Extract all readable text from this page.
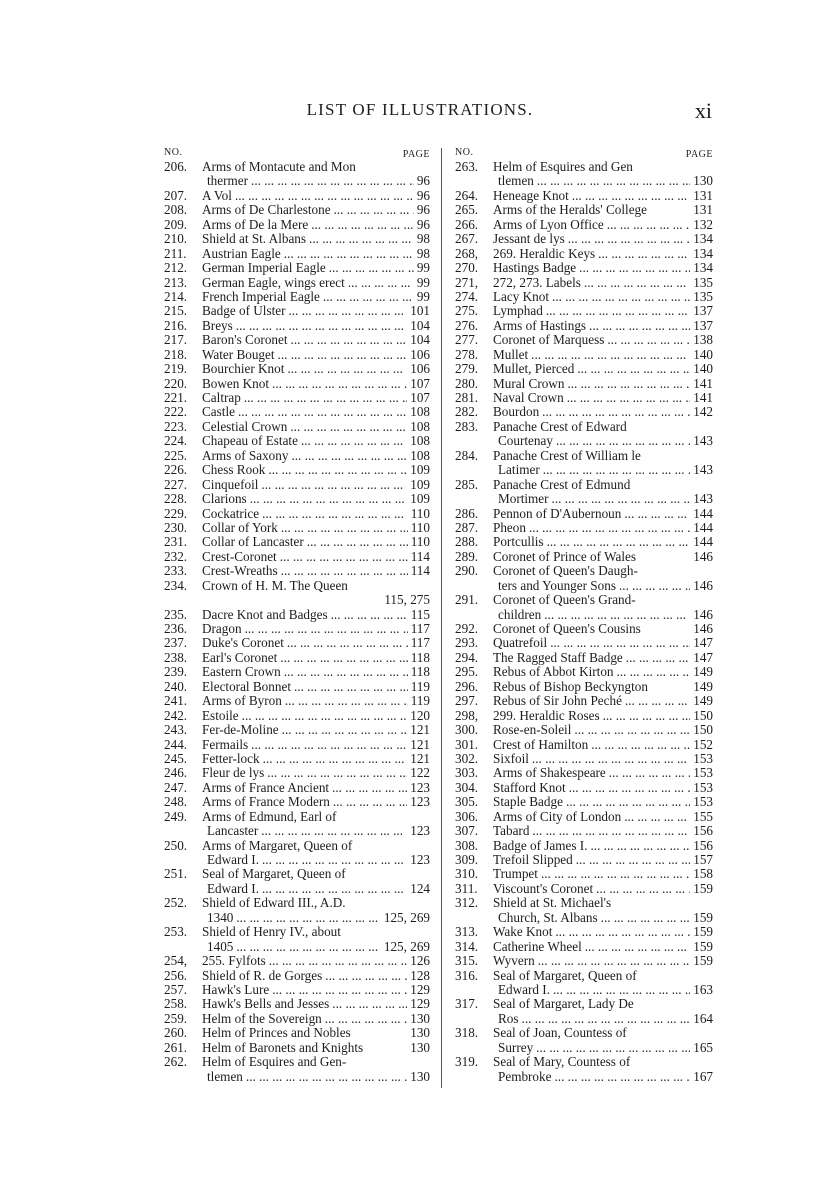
LIST OF ILLUSTRATIONS.	xi
NO.	PAGE
206. Arms of Montacute and Mon
thermer ... .	96
207. A Vol ... .	96
208. Arms of De Charlestone ... .	96
209. Arms of De la Mere ... .	96
210. Shield at St. Albans ... .	98
211. Austrian Eagle ... .	98
212. German Imperial Eagle ... .	99
213. German Eagle, wings erect ... .	99
214. French Imperial Eagle ... .	99
215. Badge of Ulster ... .	101
216. Breys ... .	104
217. Baron's Coronet ... .	104
218. Water Bouget ... .	106
219. Bourchier Knot ... .	106
220. Bowen Knot ... .	107
221. Caltrap ... .	107
222. Castle ... .	108
223. Celestial Crown ... .	108
224. Chapeau of Estate ... .	108
225. Arms of Saxony ... .	108
226. Chess Rook ... .	109
227. Cinquefoil ... .	109
228. Clarions ... .	109
229. Cockatrice ... .	110
230. Collar of York ... .	110
231. Collar of Lancaster ... .	110
232. Crest-Coronet ... .	114
233. Crest-Wreaths ... .	114
234. Crown of H. M. The Queen
115, 275
235. Dacre Knot and Badges ... .	115
236. Dragon ... .	117
237. Duke's Coronet ... .	117
238. Earl's Coronet ... .	118
239. Eastern Crown ... .	118
240. Electoral Bonnet ... .	119
241. Arms of Byron ... .	119
242. Estoile ... .	120
243. Fer-de-Moline ... .	121
244. Fermails ... .	121
245. Fetter-lock ... .	121
246. Fleur de lys ... .	122
247. Arms of France Ancient ... .	123
248. Arms of France Modern ... .	123
249. Arms of Edmund, Earl of
Lancaster ... .	123
250. Arms of Margaret, Queen of
Edward I. ... .	123
251. Seal of Margaret, Queen of
Edward I. ... .	124
252. Shield of Edward III., A.D.
1340 ... .	125, 269
253. Shield of Henry IV., about
1405 ... .	125, 269
254, 255. Fylfots ... .	126
256. Shield of R. de Gorges ... .	128
257. Hawk's Lure ... .	129
258. Hawk's Bells and Jesses ... .	129
259. Helm of the Sovereign ... .	130
260. Helm of Princes and Nobles	130
261. Helm of Baronets and Knights	130
262. Helm of Esquires and Gen-
tlemen ... .	130
NO.	PAGE
263. Helm of Esquires and Gen
tlemen ... .	130
264. Heneage Knot ... .	131
265. Arms of the Heralds' College	131
266. Arms of Lyon Office ... .	132
267. Jessant de lys ... .	134
268, 269. Heraldic Keys ... .	134
270. Hastings Badge ... .	134
271, 272, 273. Labels ... .	135
274. Lacy Knot ... .	135
275. Lymphad ... .	137
276. Arms of Hastings ... .	137
277. Coronet of Marquess ... .	138
278. Mullet ... .	140
279. Mullet, Pierced ... .	140
280. Mural Crown ... .	141
281. Naval Crown ... .	141
282. Bourdon ... .	142
283. Panache Crest of Edward
Courtenay ... .	143
284. Panache Crest of William le
Latimer ... .	143
285. Panache Crest of Edmund
Mortimer ... .	143
286. Pennon of D'Aubernoun ... .	144
287. Pheon ... .	144
288. Portcullis ... .	144
289. Coronet of Prince of Wales	146
290. Coronet of Queen's Daugh-
ters and Younger Sons ... .	146
291. Coronet of Queen's Grand-
children ... .	146
292. Coronet of Queen's Cousins	146
293. Quatrefoil ... .	147
294. The Ragged Staff Badge ... .	147
295. Rebus of Abbot Kirton ... .	149
296. Rebus of Bishop Beckyngton	149
297. Rebus of Sir John Peché ... .	149
298, 299. Heraldic Roses ... .	150
300. Rose-en-Soleil ... .	150
301. Crest of Hamilton ... .	152
302. Sixfoil ... .	153
303. Arms of Shakespeare ... .	153
304. Stafford Knot ... .	153
305. Staple Badge ... .	153
306. Arms of City of London ... .	155
307. Tabard ... .	156
308. Badge of James I. ... .	156
309. Trefoil Slipped ... .	157
310. Trumpet ... .	158
311. Viscount's Coronet ... .	159
312. Shield at St. Michael's
Church, St. Albans ... .	159
313. Wake Knot ... .	159
314. Catherine Wheel ... .	159
315. Wyvern ... .	159
316. Seal of Margaret, Queen of
Edward I. ... .	163
317. Seal of Margaret, Lady De
Ros ... .	164
318. Seal of Joan, Countess of
Surrey ... .	165
319. Seal of Mary, Countess of
Pembroke ... .	167
